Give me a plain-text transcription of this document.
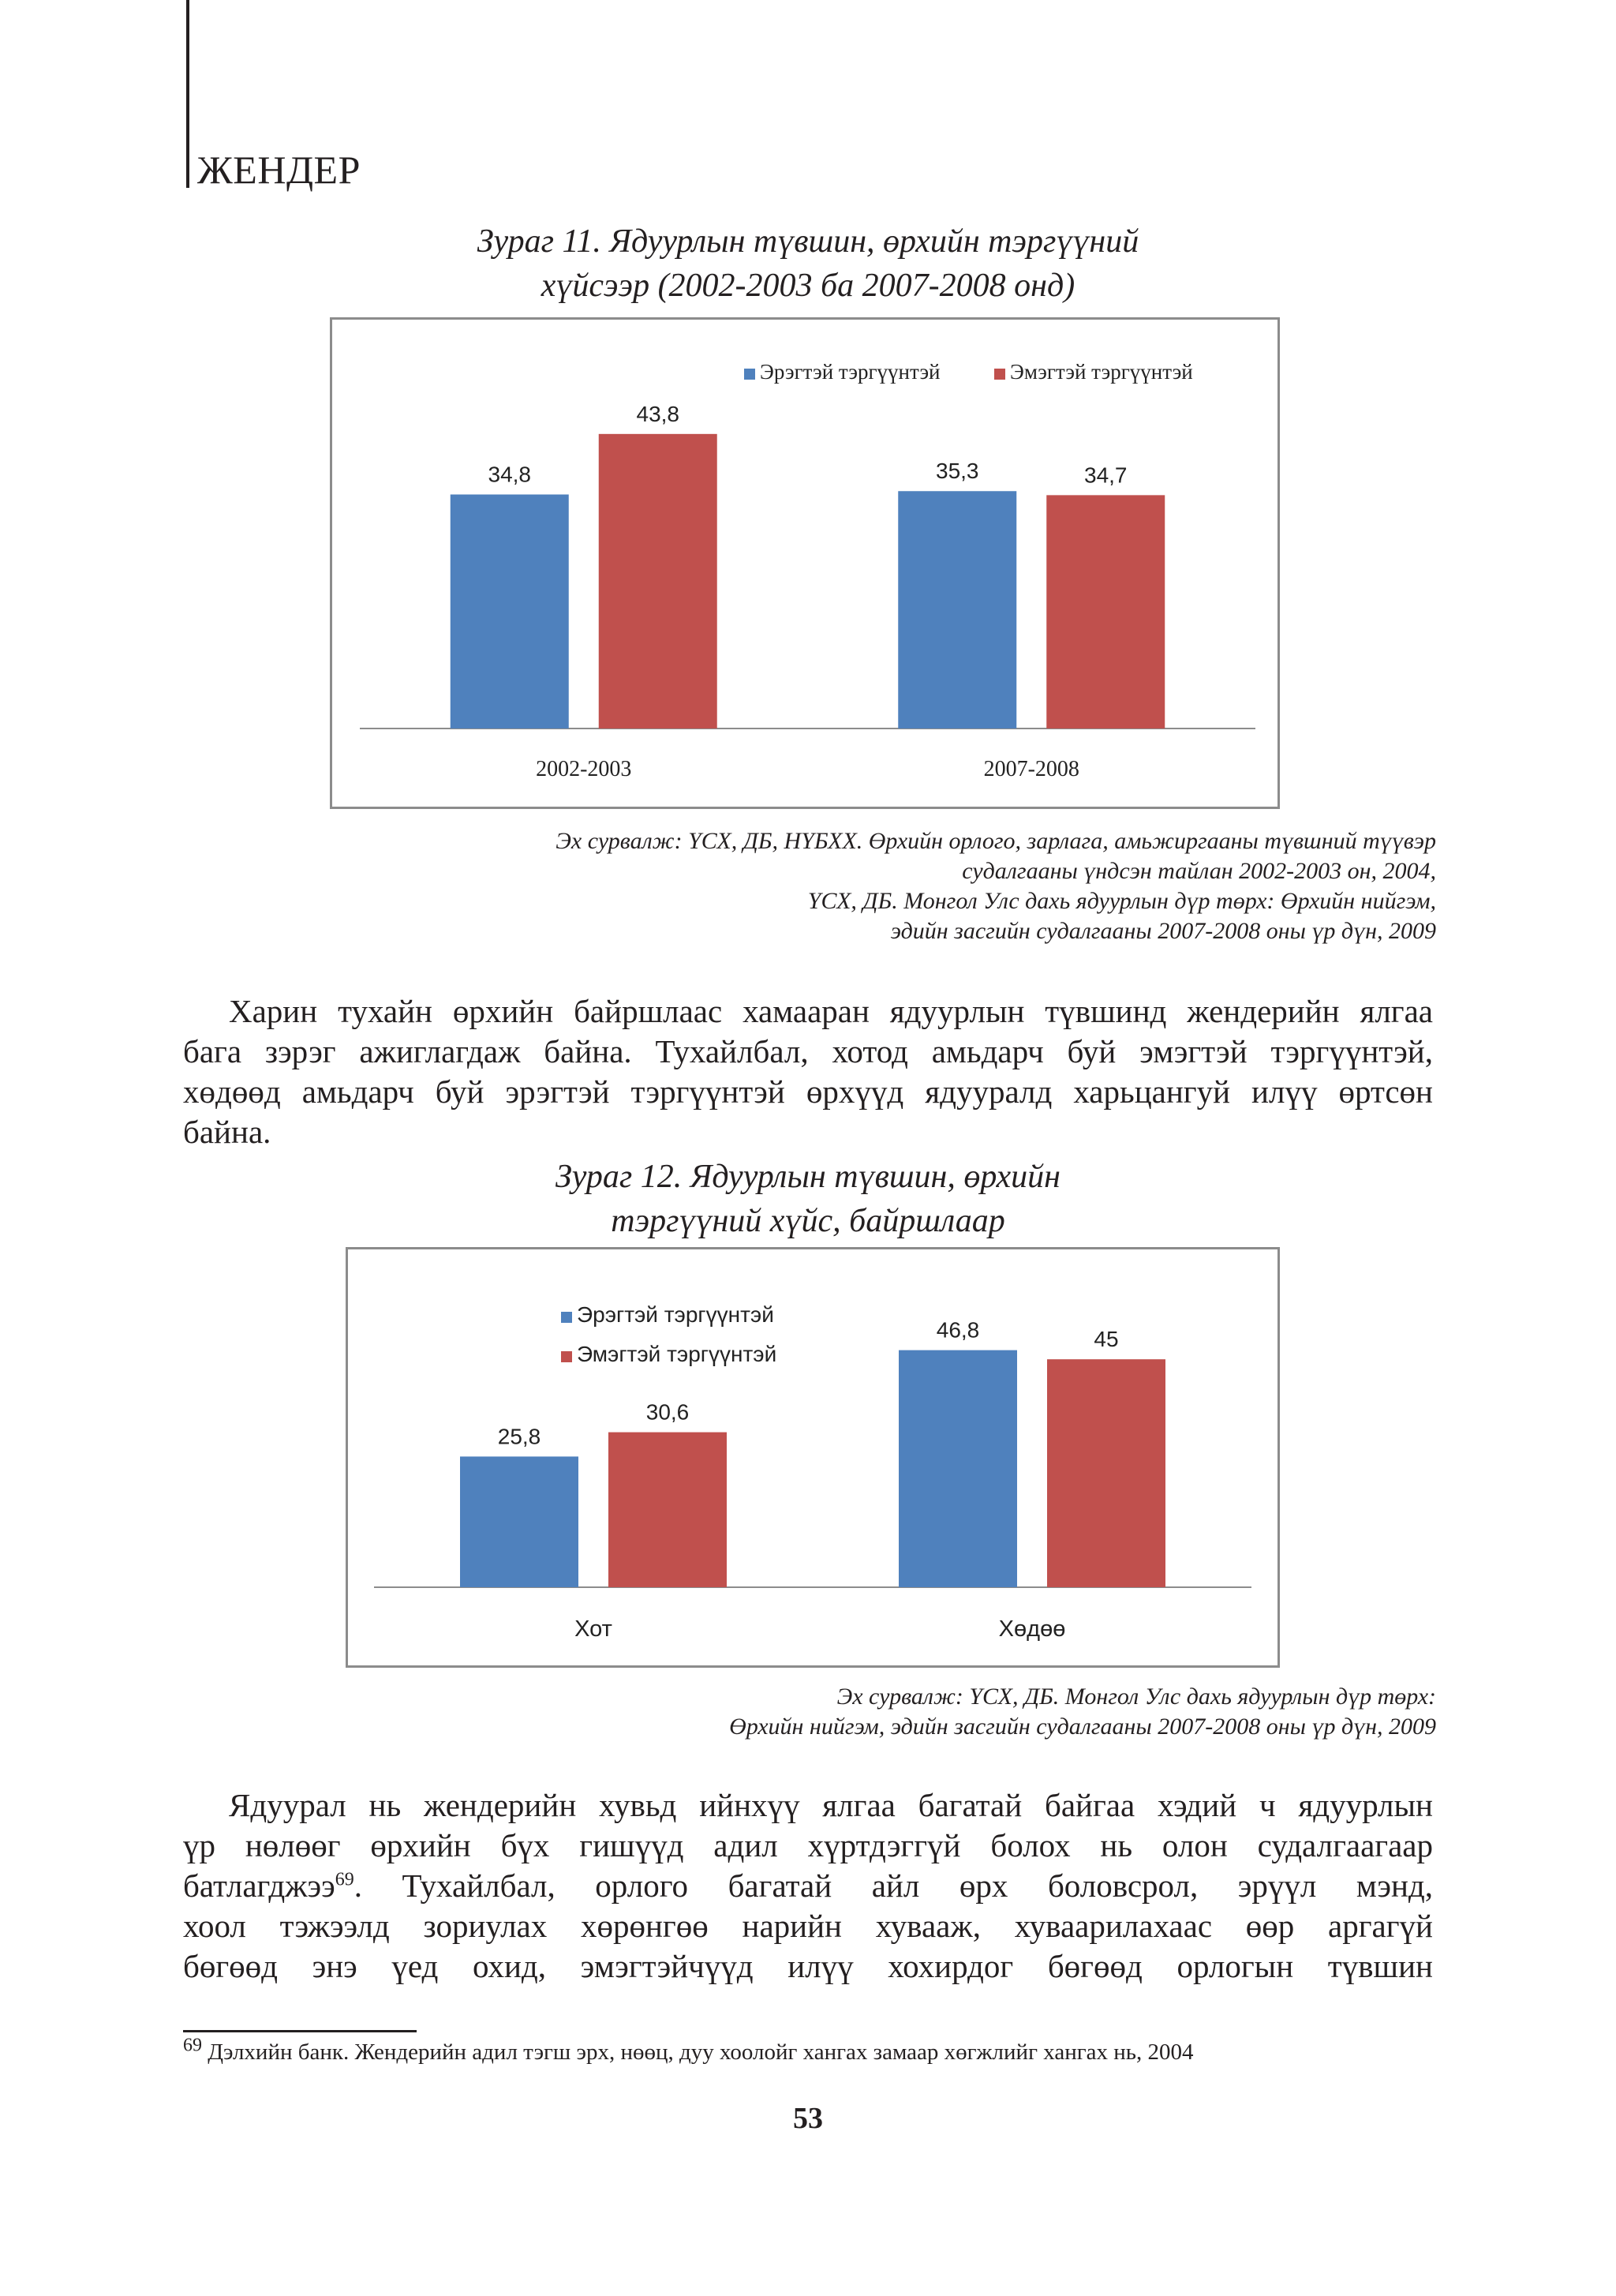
ЖЕНДЕР
Зураг 11. Ядуурлын түвшин, өрхийн тэргүүний
хүйсээр (2002-2003 ба 2007-2008 онд)
34,8
43,8
2002-2003
35,3	34,7
2007-2008
Эрэгтэй тэргүүнтэй	Эмэгтэй тэргүүнтэй
Эх сурвалж: ҮСХ, ДБ, НҮБХХ. Өрхийн орлого, зарлага, амьжиргааны түвшний түүвэр
судалгааны үндсэн тайлан 2002-2003 он, 2004,
ҮСХ, ДБ. Монгол Улс дахь ядуурлын дүр төрх: Өрхийн нийгэм,
эдийн засгийн судалгааны 2007-2008 оны үр дүн, 2009

Харин тухайн өрхийн байршлаас хамааран ядуурлын түвшинд жендерийн ялгаа

бага зэрэг ажиглагдаж байна. Тухайлбал, хотод амьдарч буй эмэгтэй тэргүүнтэй,

хөдөөд амьдарч буй эрэгтэй тэргүүнтэй өрхүүд ядууралд харьцангуй илүү өртсөн

байна.

Зураг 12. Ядуурлын түвшин, өрхийн
тэргүүний хүйс, байршлаар
25,8
30,6
Хот
46,8	45
Хөдөө
Эрэгтэй тэргүүнтэй
Эмэгтэй тэргүүнтэй
Эх сурвалж: ҮСХ, ДБ. Монгол Улс дахь ядуурлын дүр төрх:
Өрхийн нийгэм, эдийн засгийн судалгааны 2007-2008 оны үр дүн, 2009

Ядуурал нь жендерийн хувьд ийнхүү ялгаа багатай байгаа хэдий ч ядуурлын

үр нөлөөг өрхийн бүх гишүүд адил хүртдэггүй болох нь олон судалгаагаар

батлагджээ$^{69}$. Тухайлбал, орлого багатай айл өрх боловсрол, эрүүл мэнд,

хоол тэжээлд зориулах хөрөнгөө нарийн хувааж, хуваарилахаас өөр аргагүй

бөгөөд энэ үед охид, эмэгтэйчүүд илүү хохирдог бөгөөд орлогын түвшин

$^{69}$ Дэлхийн банк. Жендерийн адил тэгш эрх, нөөц, дуу хоолойг хангах замаар хөгжлийг хангах нь, 2004
53
